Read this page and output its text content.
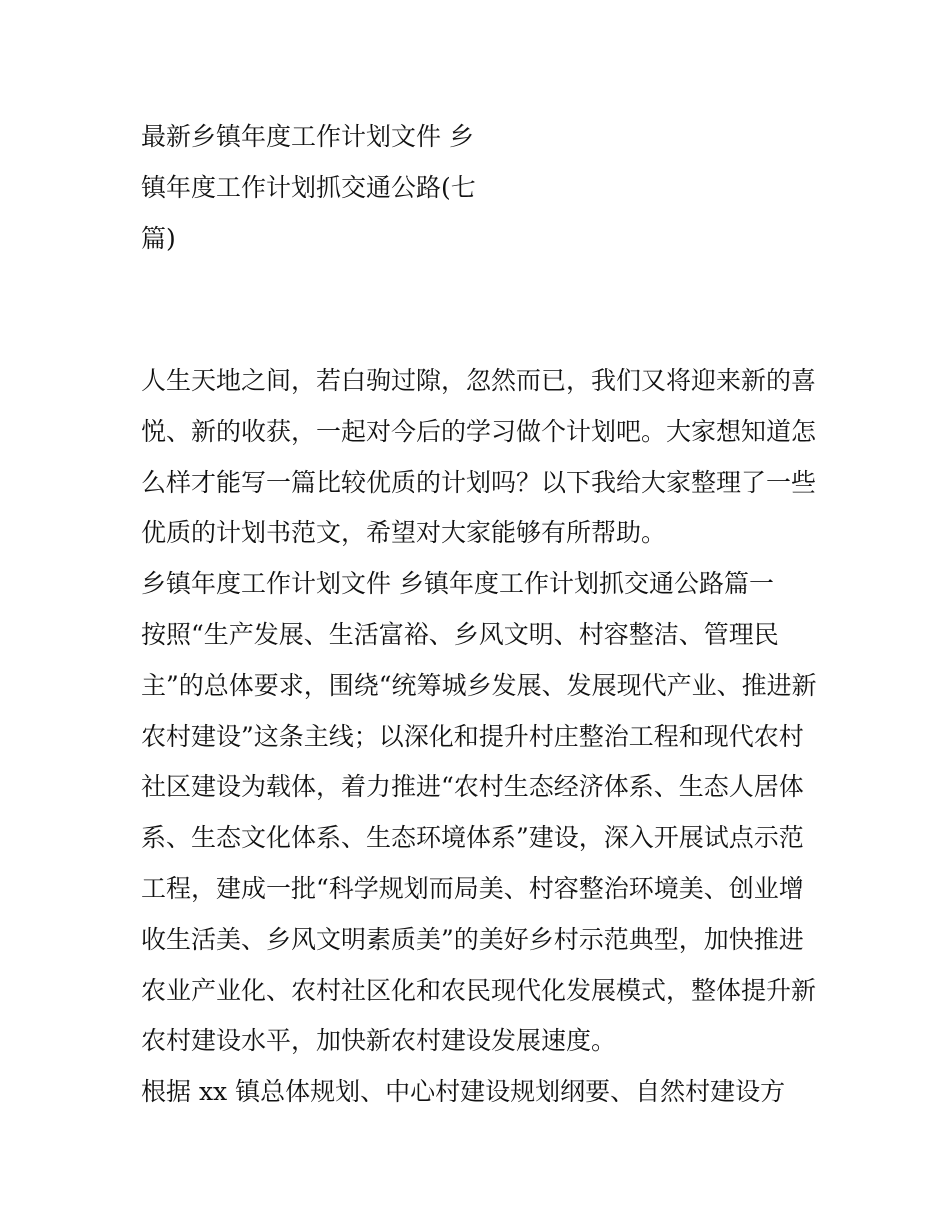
最新乡镇年度工作计划文件 乡
镇年度工作计划抓交通公路(七
篇)

人生天地之间，若白驹过隙，忽然而已，我们又将迎来新的喜
悦、新的收获，一起对今后的学习做个计划吧。大家想知道怎
么样才能写一篇比较优质的计划吗？以下我给大家整理了一些
优质的计划书范文，希望对大家能够有所帮助。

乡镇年度工作计划文件 乡镇年度工作计划抓交通公路篇一

按照“生产发展、生活富裕、乡风文明、村容整洁、管理民
主”的总体要求，围绕“统筹城乡发展、发展现代产业、推进新
农村建设”这条主线；以深化和提升村庄整治工程和现代农村
社区建设为载体，着力推进“农村生态经济体系、生态人居体
系、生态文化体系、生态环境体系”建设，深入开展试点示范
工程，建成一批“科学规划而局美、村容整治环境美、创业增
收生活美、乡风文明素质美”的美好乡村示范典型，加快推进
农业产业化、农村社区化和农民现代化发展模式，整体提升新
农村建设水平，加快新农村建设发展速度。

根据 xx 镇总体规划、中心村建设规划纲要、自然村建设方
